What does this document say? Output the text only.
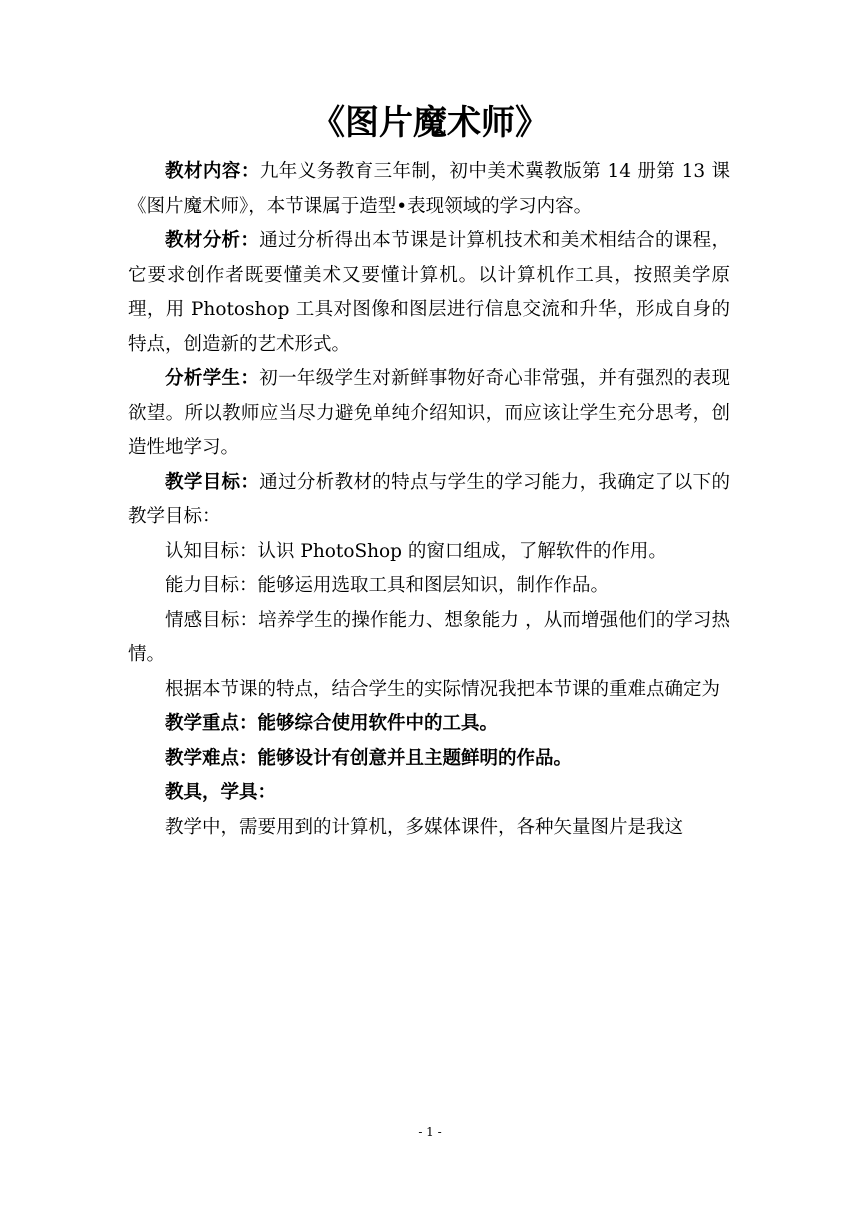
《图片魔术师》

教材内容：九年义务教育三年制，初中美术冀教版第 14 册第 13 课《图片魔术师》，本节课属于造型•表现领域的学习内容。

教材分析：通过分析得出本节课是计算机技术和美术相结合的课程，它要求创作者既要懂美术又要懂计算机。以计算机作工具，按照美学原理，用 Photoshop 工具对图像和图层进行信息交流和升华，形成自身的特点，创造新的艺术形式。

分析学生：初一年级学生对新鲜事物好奇心非常强，并有强烈的表现欲望。所以教师应当尽力避免单纯介绍知识，而应该让学生充分思考，创造性地学习。

教学目标：通过分析教材的特点与学生的学习能力，我确定了以下的教学目标：

认知目标：认识 PhotoShop 的窗口组成，了解软件的作用。

能力目标：能够运用选取工具和图层知识，制作作品。

情感目标：培养学生的操作能力、想象能力 ，从而增强他们的学习热情。

根据本节课的特点，结合学生的实际情况我把本节课的重难点确定为

教学重点：能够综合使用软件中的工具。

教学难点：能够设计有创意并且主题鲜明的作品。

教具，学具：

教学中，需要用到的计算机，多媒体课件，各种矢量图片是我这

- 1 -
